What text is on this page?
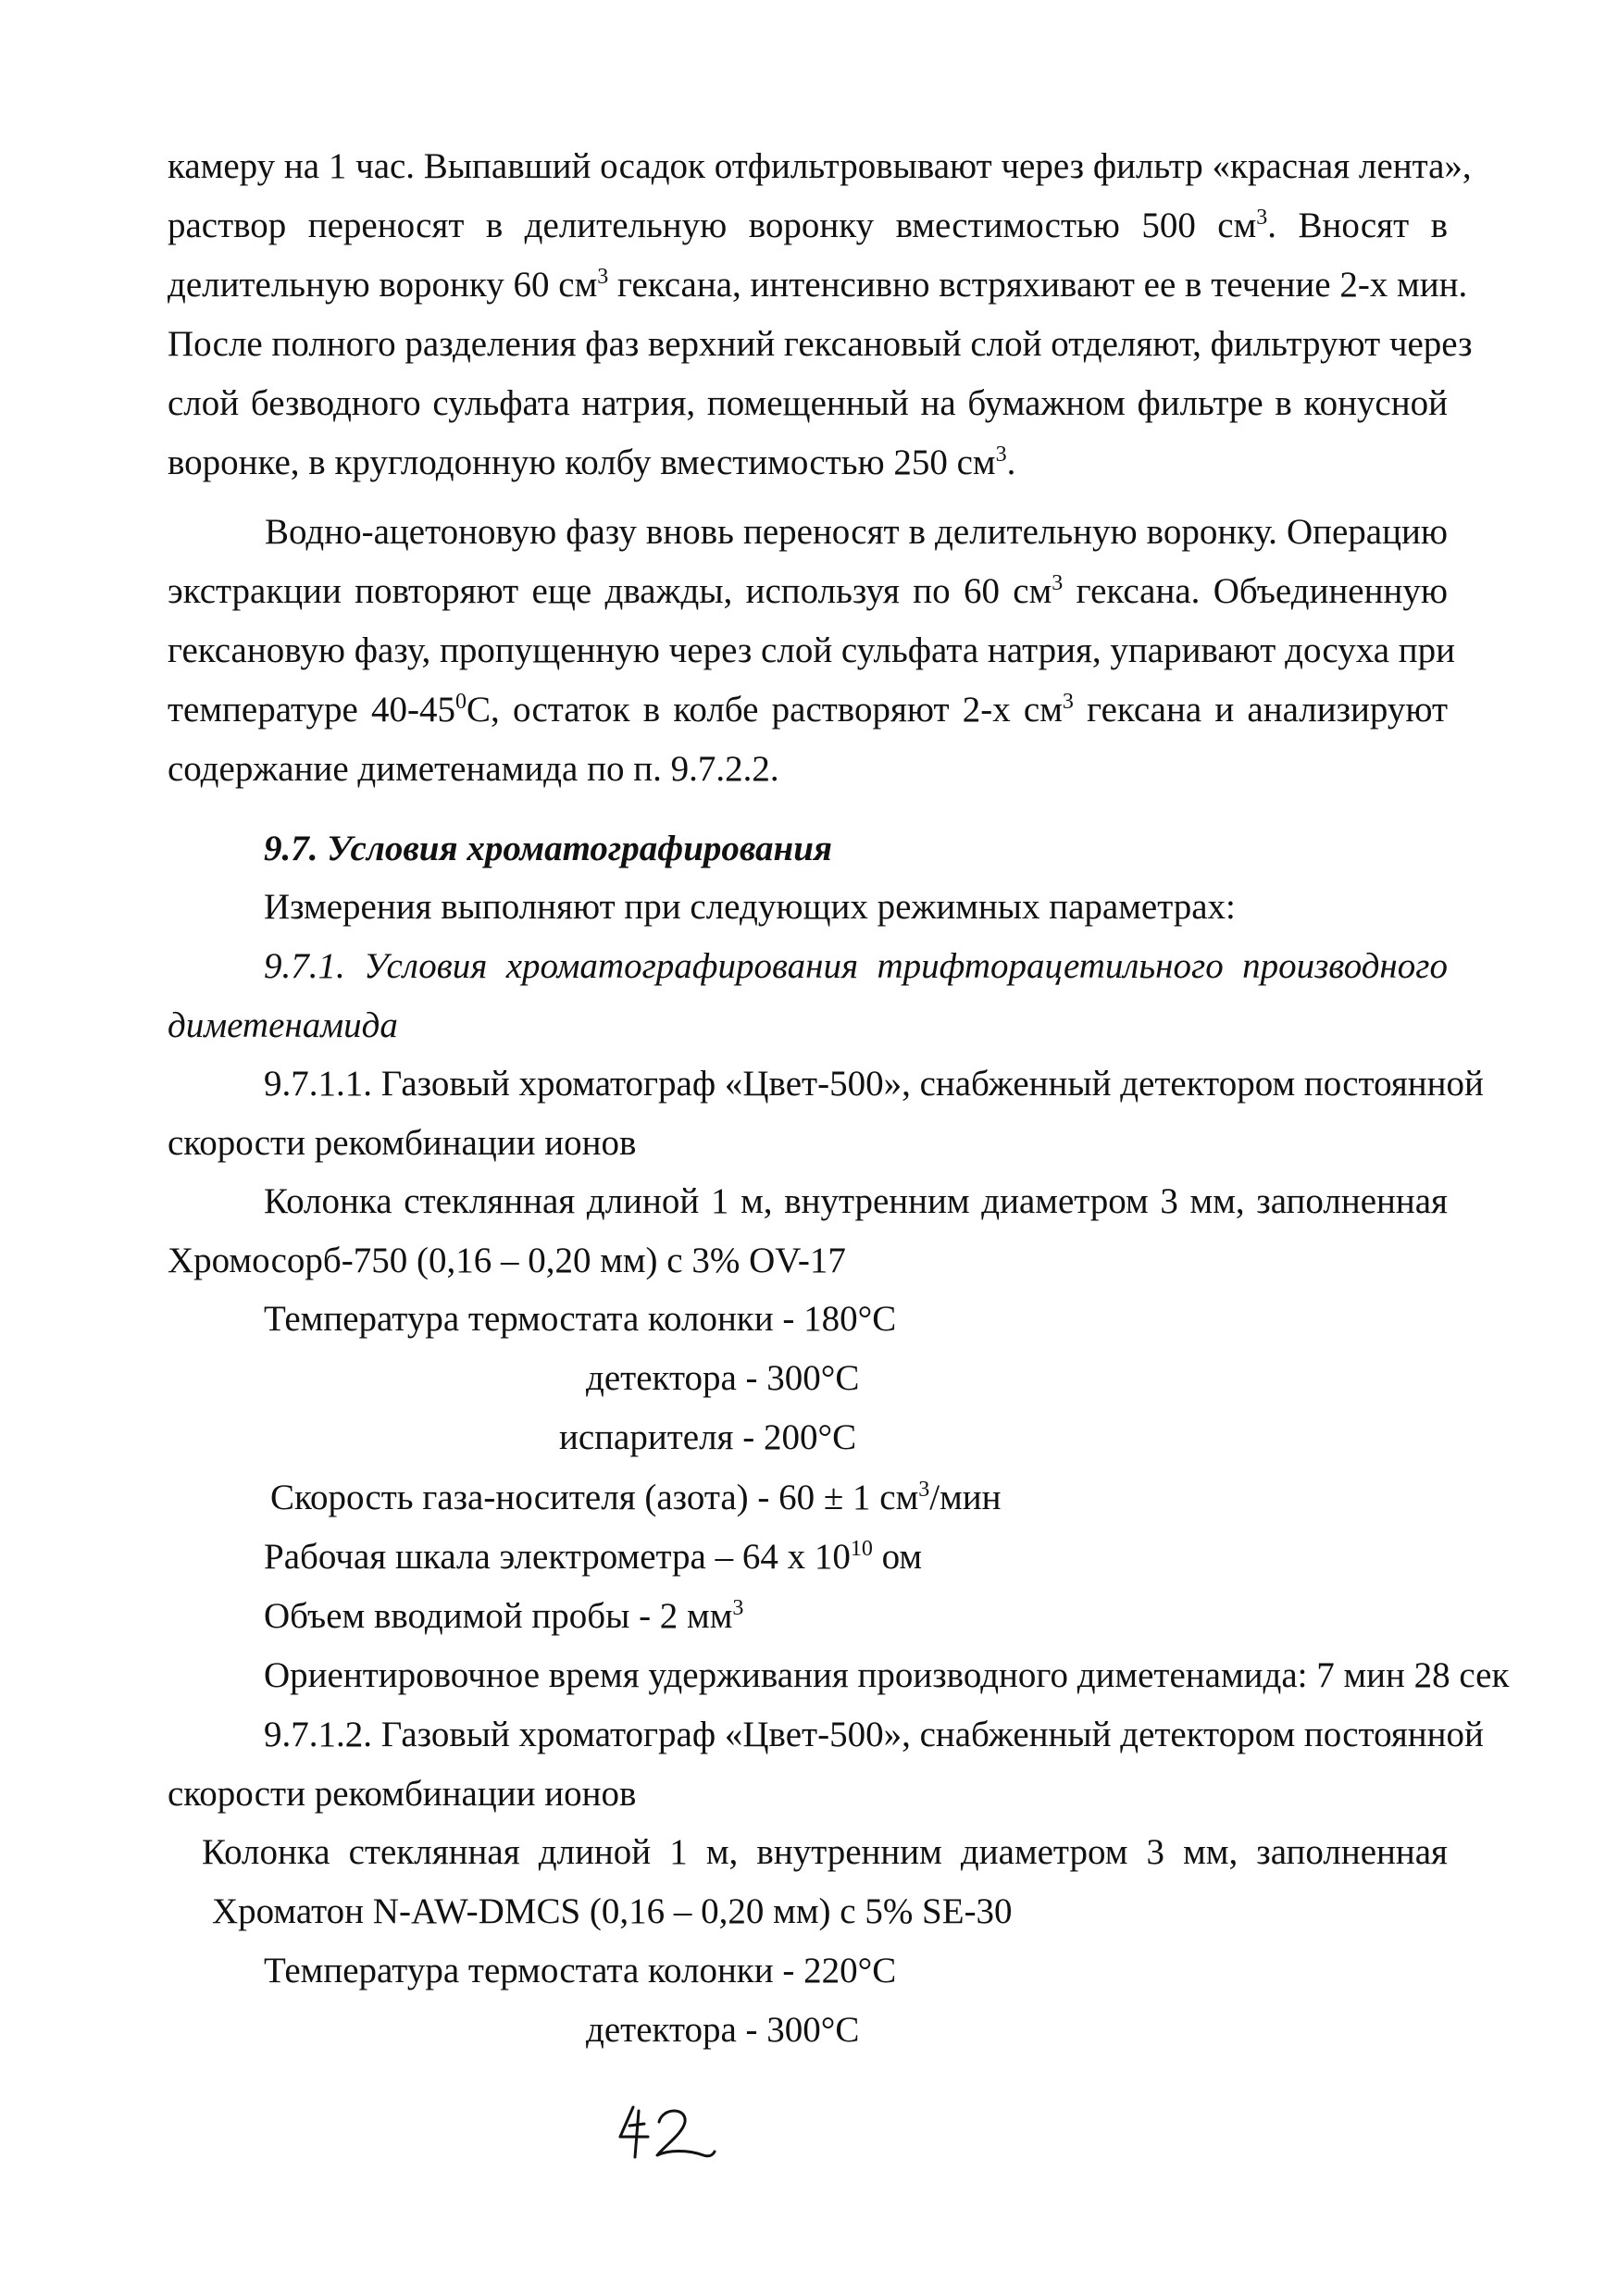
камеру на 1 час. Выпавший осадок отфильтровывают через фильтр «красная лента»,
раствор переносят в делительную воронку вместимостью 500 $см^3$. Вносят в
делительную воронку 60 $см^3$ гексана, интенсивно встряхивают ее в течение 2-х мин.
После полного разделения фаз верхний гексановый слой отделяют, фильтруют через
слой безводного сульфата натрия, помещенный на бумажном фильтре в конусной
воронке, в круглодонную колбу вместимостью 250 $см^3$.
Водно-ацетоновую фазу вновь переносят в делительную воронку. Операцию
экстракции повторяют еще дважды, используя по 60 $см^3$ гексана. Объединенную
гексановую фазу, пропущенную через слой сульфата натрия, упаривают досуха при
температуре $40-45^0С$, остаток в колбе растворяют 2-х $см^3$ гексана и анализируют
содержание диметенамида по п. 9.7.2.2.
9.7. Условия хроматографирования
Измерения выполняют при следующих режимных параметрах:
9.7.1. Условия хроматографирования трифторацетильного производного
диметенамида
9.7.1.1. Газовый хроматограф «Цвет-500», снабженный детектором постоянной
скорости рекомбинации ионов
Колонка стеклянная длиной 1 м, внутренним диаметром 3 мм, заполненная
Хромосорб-750 (0,16 – 0,20 мм) с 3% OV-17
Температура термостата колонки - 180°С
детектора - 300°С
испарителя - 200°С
Скорость газа-носителя (азота) - 60 ± 1 $см^3$/мин
Рабочая шкала электрометра – 64 х $10^{10}$ ом
Объем вводимой пробы - 2 $мм^3$
Ориентировочное время удерживания производного диметенамида: 7 мин 28 сек
9.7.1.2. Газовый хроматограф «Цвет-500», снабженный детектором постоянной
скорости рекомбинации ионов
Колонка стеклянная длиной 1 м, внутренним диаметром 3 мм, заполненная
Хроматон N-AW-DMCS (0,16 – 0,20 мм) с 5% SE-30
Температура термостата колонки - 220°С
детектора - 300°С
